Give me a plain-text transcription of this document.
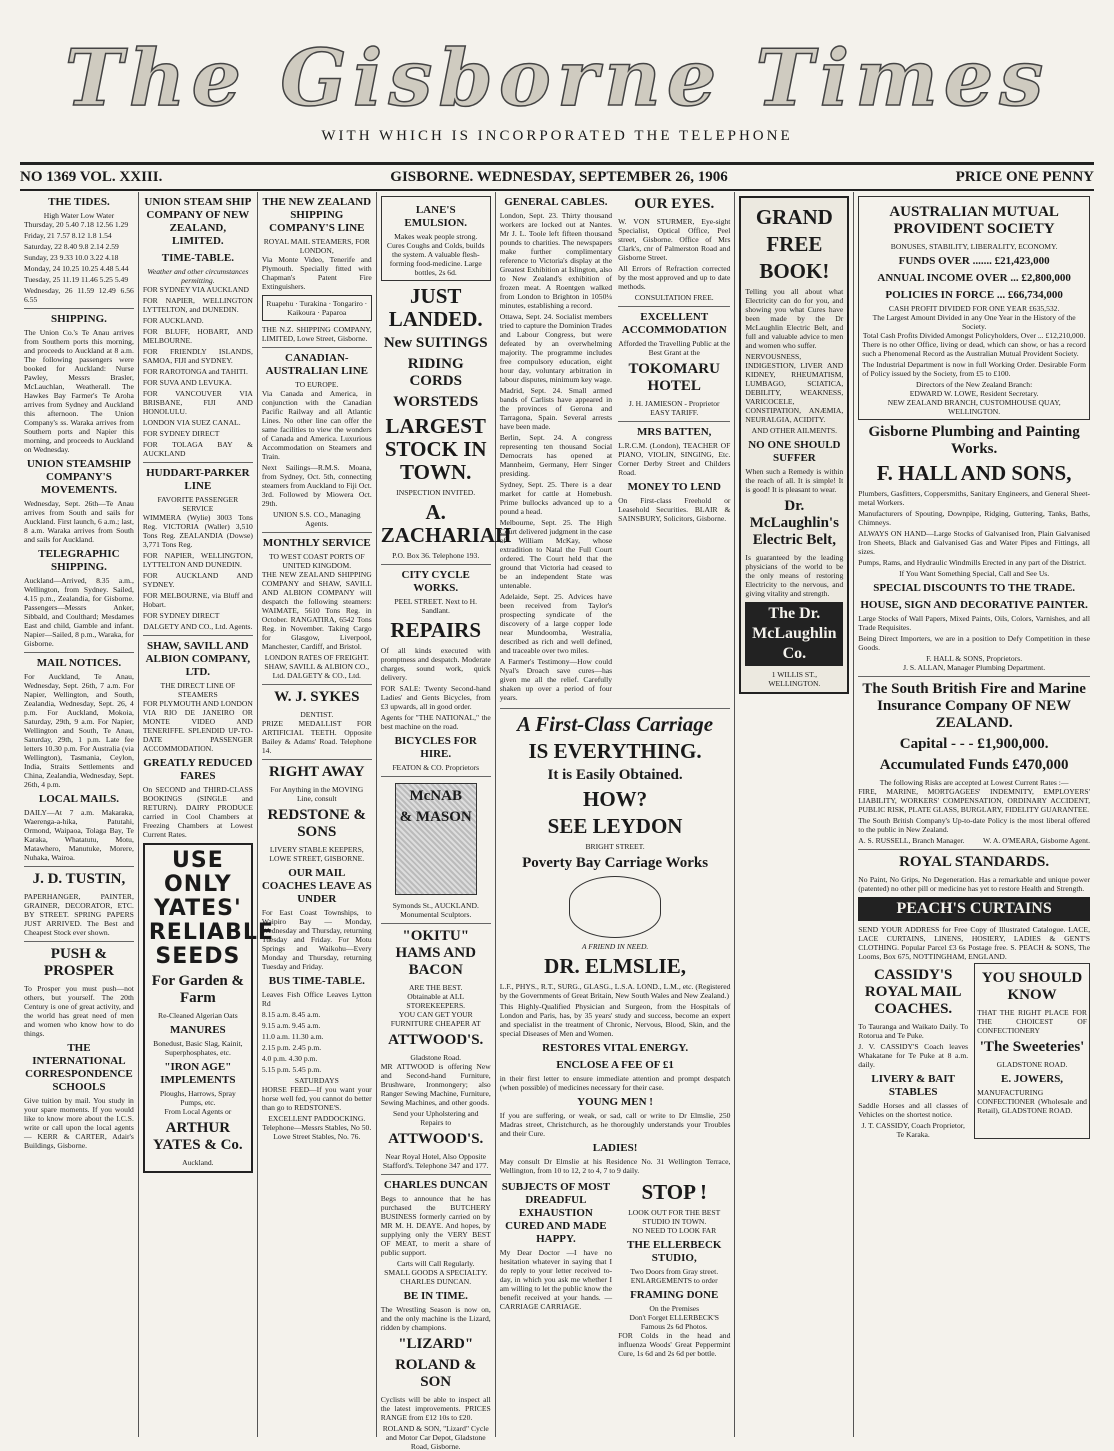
The Gisborne Times
WITH WHICH IS INCORPORATED THE TELEPHONE
NO 1369 VOL. XXIII.	GISBORNE. WEDNESDAY, SEPTEMBER 26, 1906	PRICE ONE PENNY
THE TIDES.
High Water Low Water
Thursday, 20 5.40 7.18 12.56 1.29
Friday, 21 7.57 8.12 1.8 1.54
Saturday, 22 8.40 9.8 2.14 2.59
Sunday, 23 9.33 10.0 3.22 4.18
Monday, 24 10.25 10.25 4.48 5.44
Tuesday, 25 11.19 11.46 5.25 5.49
Wednesday, 26 11.59 12.49 6.56 6.55
SHIPPING.

The Union Co.'s Te Anau arrives from Southern ports this morning, and proceeds to Auckland at 8 a.m. The following passengers were booked for Auckland: Nurse Pawley, Messrs Brasler, McLauchlan, Weatherall. The Hawkes Bay Farmer's Te Aroha arrives from Sydney and Auckland this afternoon. The Union Company's ss. Waraka arrives from Southern ports and Napier this morning, and proceeds to Auckland on Wednesday.

UNION STEAMSHIP COMPANY'S MOVEMENTS.

Wednesday, Sept. 26th—Te Anau arrives from South and sails for Auckland. First launch, 6 a.m.; last, 8 a.m. Waraka arrives from South and sails for Auckland.

TELEGRAPHIC SHIPPING.

Auckland—Arrived, 8.35 a.m., Wellington, from Sydney. Sailed, 4.15 p.m., Zealandia, for Gisborne. Passengers—Messrs Anker, Sibbald, and Coulthard; Mesdames East and child, Gamble and infant. Napier—Sailed, 8 p.m., Waraka, for Gisborne.

MAIL NOTICES.

For Auckland, Te Anau, Wednesday, Sept. 26th, 7 a.m. For Napier, Wellington, and South, Zealandia, Wednesday, Sept. 26, 4 p.m. For Auckland, Mokoia, Saturday, 29th, 9 a.m. For Napier, Wellington and South, Te Anau, Saturday, 29th, 1 p.m. Late fee letters 10.30 p.m. For Australia (via Wellington), Tasmania, Ceylon, India, Straits Settlements and China, Zealandia, Wednesday, Sept. 26th, 4 p.m.

LOCAL MAILS.

DAILY—At 7 a.m. Makaraka, Waerenga-a-hika, Patutahi, Ormond, Waipaoa, Tolaga Bay, Te Karaka, Whatatutu, Motu, Matawhero, Manutuke, Morere, Nuhaka, Wairoa.

J. D. TUSTIN,

PAPERHANGER, PAINTER, GRAINER, DECORATOR, ETC. BY STREET. SPRING PAPERS JUST ARRIVED. The Best and Cheapest Stock ever shown.

PUSH & PROSPER

To Prosper you must push—not others, but yourself. The 20th Century is one of great activity, and the world has great need of men and women who know how to do things.

THE INTERNATIONAL CORRESPONDENCE SCHOOLS

Give tuition by mail. You study in your spare moments. If you would like to know more about the I.C.S. write or call upon the local agents— KERR & CARTER, Adair's Buildings, Gisborne.

UNION STEAM SHIP COMPANY OF NEW ZEALAND, LIMITED.
TIME-TABLE.
Weather and other circumstances permitting.
FOR SYDNEY VIA AUCKLAND
FOR NAPIER, WELLINGTON LYTTELTON, and DUNEDIN.
FOR AUCKLAND.
FOR BLUFF, HOBART, AND MELBOURNE.
FOR FRIENDLY ISLANDS, SAMOA, FIJI and SYDNEY.
FOR RAROTONGA and TAHITI.
FOR SUVA AND LEVUKA.
FOR VANCOUVER VIA BRISBANE, FIJI AND HONOLULU.
LONDON VIA SUEZ CANAL.
FOR SYDNEY DIRECT
FOR TOLAGA BAY & AUCKLAND
HUDDART-PARKER LINE
FAVORITE PASSENGER SERVICE

WIMMERA (Wylie) 3003 Tons Reg. VICTORIA (Waller) 3,510 Tons Reg. ZEALANDIA (Dowse) 3,771 Tons Reg.

FOR NAPIER, WELLINGTON, LYTTELTON AND DUNEDIN.
FOR AUCKLAND AND SYDNEY.
FOR MELBOURNE, via Bluff and Hobart.
FOR SYDNEY DIRECT
DALGETY AND CO., Ltd. Agents.
SHAW, SAVILL AND ALBION COMPANY, LTD.
THE DIRECT LINE OF STEAMERS

FOR PLYMOUTH AND LONDON VIA RIO DE JANEIRO OR MONTE VIDEO AND TENERIFFE. SPLENDID UP-TO-DATE PASSENGER ACCOMMODATION.

GREATLY REDUCED FARES

On SECOND and THIRD-CLASS BOOKINGS (SINGLE and RETURN). DAIRY PRODUCE carried in Cool Chambers at Freezing Chambers at Lowest Current Rates.

USE ONLY
YATES'
RELIABLE
SEEDS
For Garden & Farm
Re-Cleaned Algerian Oats
MANURES
Bonedust, Basic Slag, Kainit, Superphosphates, etc.
"IRON AGE" IMPLEMENTS
Ploughs, Harrows, Spray Pumps, etc.
From Local Agents or
ARTHUR YATES & Co.
Auckland.
THE NEW ZEALAND SHIPPING COMPANY'S LINE
ROYAL MAIL STEAMERS, FOR LONDON,

Via Monte Video, Tenerife and Plymouth. Specially fitted with Chapman's Patent Fire Extinguishers.

Ruapehu · Turakina · Tongariro · Kaikoura · Paparoa

THE N.Z. SHIPPING COMPANY, LIMITED, Lowe Street, Gisborne.

CANADIAN-AUSTRALIAN LINE
TO EUROPE.

Via Canada and America, in conjunction with the Canadian Pacific Railway and all Atlantic Lines. No other line can offer the same facilities to view the wonders of Canada and America. Luxurious Accommodation on Steamers and Train.

Next Sailings—R.M.S. Moana, from Sydney, Oct. 5th, connecting steamers from Auckland to Fiji Oct. 3rd. Followed by Miowera Oct. 29th.

UNION S.S. CO., Managing Agents.
MONTHLY SERVICE
TO WEST COAST PORTS OF UNITED KINGDOM.

THE NEW ZEALAND SHIPPING COMPANY and SHAW, SAVILL AND ALBION COMPANY will despatch the following steamers: WAIMATE, 5610 Tons Reg. in October. RANGATIRA, 6542 Tons Reg. in November. Taking Cargo for Glasgow, Liverpool, Manchester, Cardiff, and Bristol.

LONDON RATES OF FREIGHT.
SHAW, SAVILL & ALBION CO., Ltd. DALGETY & CO., Ltd.
W. J. SYKES
DENTIST.

PRIZE MEDALLIST FOR ARTIFICIAL TEETH. Opposite Bailey & Adams' Road. Telephone 14.

RIGHT AWAY
For Anything in the MOVING Line, consult
REDSTONE & SONS
LIVERY STABLE KEEPERS, LOWE STREET, GISBORNE.
OUR MAIL COACHES LEAVE AS UNDER

For East Coast Townships, to Waipiro Bay — Monday, Wednesday and Thursday, returning Tuesday and Friday. For Motu Springs and Waikohu—Every Monday and Thursday, returning Tuesday and Friday.

BUS TIME-TABLE.
Leaves Fish Office Leaves Lytton Rd
8.15 a.m. 8.45 a.m.
9.15 a.m. 9.45 a.m.
11.0 a.m. 11.30 a.m.
2.15 p.m. 2.45 p.m.
4.0 p.m. 4.30 p.m.
5.15 p.m. 5.45 p.m.
SATURDAYS

HORSE FEED—If you want your horse well fed, you cannot do better than go to REDSTONE'S.

EXCELLENT PADDOCKING.
Telephone—Messrs Stables, No 50. Lowe Street Stables, No. 76.
LANE'S EMULSION.
Makes weak people strong. Cures Coughs and Colds, builds the system. A valuable flesh-forming food-medicine. Large bottles, 2s 6d.
JUST LANDED.
New SUITINGS
RIDING CORDS
WORSTEDS
LARGEST STOCK IN TOWN.
INSPECTION INVITED.
A. ZACHARIAH
P.O. Box 36. Telephone 193.
CITY CYCLE WORKS.
PEEL STREET. Next to H. Sandlant.
REPAIRS

Of all kinds executed with promptness and despatch. Moderate charges, sound work, quick delivery.

FOR SALE: Twenty Second-hand Ladies' and Gents Bicycles, from £3 upwards, all in good order.

Agents for "THE NATIONAL," the best machine on the road.

BICYCLES FOR HIRE.
FEATON & CO. Proprietors
McNAB
& MASON
Symonds St., AUCKLAND. Monumental Sculptors.
"OKITU" HAMS AND BACON
ARE THE BEST.
Obtainable at ALL STOREKEEPERS.
YOU CAN GET YOUR FURNITURE CHEAPER AT
ATTWOOD'S.
Gladstone Road.

MR ATTWOOD is offering New and Second-hand Furniture, Brushware, Ironmongery; also Ranger Sewing Machine, Furniture, Sewing Machines, and other goods.

Send your Upholstering and Repairs to
ATTWOOD'S.
Near Royal Hotel, Also Opposite Stafford's. Telephone 347 and 177.
CHARLES DUNCAN

Begs to announce that he has purchased the BUTCHERY BUSINESS formerly carried on by MR M. H. DEAYE. And hopes, by supplying only the VERY BEST OF MEAT, to merit a share of public support.

Carts will Call Regularly.
SMALL GOODS A SPECIALTY.
CHARLES DUNCAN.
BE IN TIME.

The Wrestling Season is now on, and the only machine is the Lizard, ridden by champions.

"LIZARD"
ROLAND & SON

Cyclists will be able to inspect all the latest improvements. PRICES RANGE from £12 10s to £20.

ROLAND & SON, "Lizard" Cycle and Motor Car Depot, Gladstone Road, Gisborne.
GENERAL CABLES.

London, Sept. 23. Thirty thousand workers are locked out at Nantes. Mr J. L. Toole left fifteen thousand pounds to charities. The newspapers make further complimentary reference to Victoria's display at the Greatest Exhibition at Islington, also to New Zealand's exhibition of frozen meat. A Roentgen walked from London to Brighton in 1050¼ minutes, establishing a record.

Ottawa, Sept. 24. Socialist members tried to capture the Dominion Trades and Labour Congress, but were defeated by an overwhelming majority. The programme includes free compulsory education, eight hour day, voluntary arbitration in labour disputes, minimum key wage.

Madrid, Sept. 24. Small armed bands of Carlists have appeared in the provinces of Gerona and Tarragona, Spain. Several arrests have been made.

Berlin, Sept. 24. A congress representing ten thousand Social Democrats has opened at Mannheim, Germany, Herr Singer presiding.

Sydney, Sept. 25. There is a dear market for cattle at Homebush. Prime bullocks advanced up to a pound a head.

Melbourne, Sept. 25. The High Court delivered judgment in the case of William McKay, whose extradition to Natal the Full Court ordered. The Court held that the ground that Victoria had ceased to be an independent State was untenable.

Adelaide, Sept. 25. Advices have been received from Taylor's prospecting syndicate of the discovery of a large copper lode near Mundoomba, Westralia, described as rich and well defined, and traceable over two miles.

A Farmer's Testimony—How could Nyal's Droach save cures—has given me all the relief. Carefully shaken up over a period of four years.

OUR EYES.

W. VON STURMER, Eye-sight Specialist, Optical Office, Peel street, Gisborne. Office of Mrs Clark's, cnr of Palmerston Road and Gisborne Street.

All Errors of Refraction corrected by the most approved and up to date methods.

CONSULTATION FREE.
EXCELLENT ACCOMMODATION
Afforded the Travelling Public at the Best Grant at the
TOKOMARU HOTEL
J. H. JAMIESON - Proprietor
EASY TARIFF.
MRS BATTEN,

L.R.C.M. (London), TEACHER OF PIANO, VIOLIN, SINGING, Etc. Corner Derby Street and Childers Road.

MONEY TO LEND

On First-class Freehold or Leasehold Securities. BLAIR & SAINSBURY, Solicitors, Gisborne.

A First-Class Carriage
IS EVERYTHING.
It is Easily Obtained.
HOW?
SEE LEYDON
BRIGHT STREET.
Poverty Bay Carriage Works
A FRIEND IN NEED.
DR. ELMSLIE,

L.F., PHYS., R.T., SURG., GLASG., L.S.A. LOND., L.M., etc. (Registered by the Governments of Great Britain, New South Wales and New Zealand.)

This Highly-Qualified Physician and Surgeon, from the Hospitals of London and Paris, has, by 35 years' study and success, become an expert and specialist in the treatment of Chronic, Nervous, Blood, Skin, and the special Diseases of Men and Women.

RESTORES VITAL ENERGY.
ENCLOSE A FEE OF £1

in their first letter to ensure immediate attention and prompt despatch (when possible) of medicines necessary for their case.

YOUNG MEN !

If you are suffering, or weak, or sad, call or write to Dr Elmslie, 250 Madras street, Christchurch, as he thoroughly understands your Troubles and their Cure.

LADIES!

May consult Dr Elmslie at his Residence No. 31 Wellington Terrace, Wellington, from 10 to 12, 2 to 4, 7 to 9 daily.

SUBJECTS OF MOST DREADFUL EXHAUSTION CURED AND MADE HAPPY.

My Dear Doctor —I have no hesitation whatever in saying that I do reply to your letter received to-day, in which you ask me whether I am willing to let the public know the benefit received at your hands. — CARRIAGE CARRIAGE.

STOP !
LOOK OUT FOR THE BEST STUDIO IN TOWN.
NO NEED TO LOOK FAR
THE ELLERBECK STUDIO,
Two Doors from Gray street.
ENLARGEMENTS to order
FRAMING DONE
On the Premises
Don't Forget ELLERBECK'S Famous 2s 6d Photos.

FOR Colds in the head and influenza Woods' Great Peppermint Cure, 1s 6d and 2s 6d per bottle.

GRAND
FREE
BOOK!

Telling you all about what Electricity can do for you, and showing you what Cures have been made by the Dr McLaughlin Electric Belt, and full and valuable advice to men and women who suffer.

NERVOUSNESS, INDIGESTION, LIVER AND KIDNEY, RHEUMATISM, LUMBAGO, SCIATICA, DEBILITY, WEAKNESS, VARICOCELE, CONSTIPATION, ANÆMIA, NEURALGIA, ACIDITY.

AND OTHER AILMENTS.
NO ONE SHOULD SUFFER

When such a Remedy is within the reach of all. It is simple! It is good! It is pleasant to wear.

Dr. McLaughlin's Electric Belt,

Is guaranteed by the leading physicians of the world to be the only means of restoring Electricity to the nervous, and giving vitality and strength.

The Dr. McLaughlin Co.
1 WILLIS ST., WELLINGTON.
AUSTRALIAN MUTUAL PROVIDENT SOCIETY
BONUSES, STABILITY, LIBERALITY, ECONOMY.
FUNDS OVER ....... £21,423,000
ANNUAL INCOME OVER ... £2,800,000
POLICIES IN FORCE ... £66,734,000
CASH PROFIT DIVIDED FOR ONE YEAR £635,532.
The Largest Amount Divided in any One Year in the History of the Society.
Total Cash Profits Divided Amongst Policyholders, Over ... £12,210,000.

There is no other Office, living or dead, which can show, or has a record such a Phenomenal Record as the Australian Mutual Provident Society.

The Industrial Department is now in full Working Order. Desirable Form of Policy issued by the Society, from £5 to £100.

Directors of the New Zealand Branch:
EDWARD W. LOWE, Resident Secretary.
NEW ZEALAND BRANCH, CUSTOMHOUSE QUAY, WELLINGTON.
Gisborne Plumbing and Painting Works.
F. HALL AND SONS,

Plumbers, Gasfitters, Coppersmiths, Sanitary Engineers, and General Sheet-metal Workers.

Manufacturers of Spouting, Downpipe, Ridging, Guttering, Tanks, Baths, Chimneys.

ALWAYS ON HAND—Large Stocks of Galvanised Iron, Plain Galvanised Iron Sheets, Black and Galvanised Gas and Water Pipes and Fittings, all sizes.

Pumps, Rams, and Hydraulic Windmills Erected in any part of the District.

If You Want Something Special, Call and See Us.
SPECIAL DISCOUNTS TO THE TRADE.
HOUSE, SIGN AND DECORATIVE PAINTER.

Large Stocks of Wall Papers, Mixed Paints, Oils, Colors, Varnishes, and all Trade Requisites.

Being Direct Importers, we are in a position to Defy Competition in these Goods.

F. HALL & SONS, Proprietors.
J. S. ALLAN, Manager Plumbing Department.
The South British Fire and Marine Insurance Company OF NEW ZEALAND.
Capital - - - £1,900,000.
Accumulated Funds £470,000
The following Risks are accepted at Lowest Current Rates :—

FIRE, MARINE, MORTGAGEES' INDEMNITY, EMPLOYERS' LIABILITY, WORKERS' COMPENSATION, ORDINARY ACCIDENT, PUBLIC RISK, PLATE GLASS, BURGLARY, FIDELITY GUARANTEE.

The South British Company's Up-to-date Policy is the most liberal offered to the public in New Zealand.

A. S. RUSSELL, Branch Manager. W. A. O'MEARA, Gisborne Agent.
ROYAL STANDARDS.

No Paint, No Grips, No Degeneration. Has a remarkable and unique power (patented) no other pill or medicine has yet to restore Health and Strength.

PEACH'S CURTAINS

SEND YOUR ADDRESS for Free Copy of Illustrated Catalogue. LACE, LACE CURTAINS, LINENS, HOSIERY, LADIES & GENT'S CLOTHING. Popular Parcel £3 6s Postage free. S. PEACH & SONS, The Looms, Box 675, NOTTINGHAM, ENGLAND.

CASSIDY'S ROYAL MAIL COACHES.

To Tauranga and Waikato Daily. To Rotorua and Te Puke.

J. V. CASSIDY'S Coach leaves Whakatane for Te Puke at 8 a.m. daily.

LIVERY & BAIT STABLES

Saddle Horses and all classes of Vehicles on the shortest notice.

J. T. CASSIDY, Coach Proprietor, Te Karaka.
YOU SHOULD KNOW

THAT THE RIGHT PLACE FOR THE CHOICEST OF CONFECTIONERY

'The Sweeteries'
GLADSTONE ROAD.
E. JOWERS,

MANUFACTURING CONFECTIONER (Wholesale and Retail), GLADSTONE ROAD.
